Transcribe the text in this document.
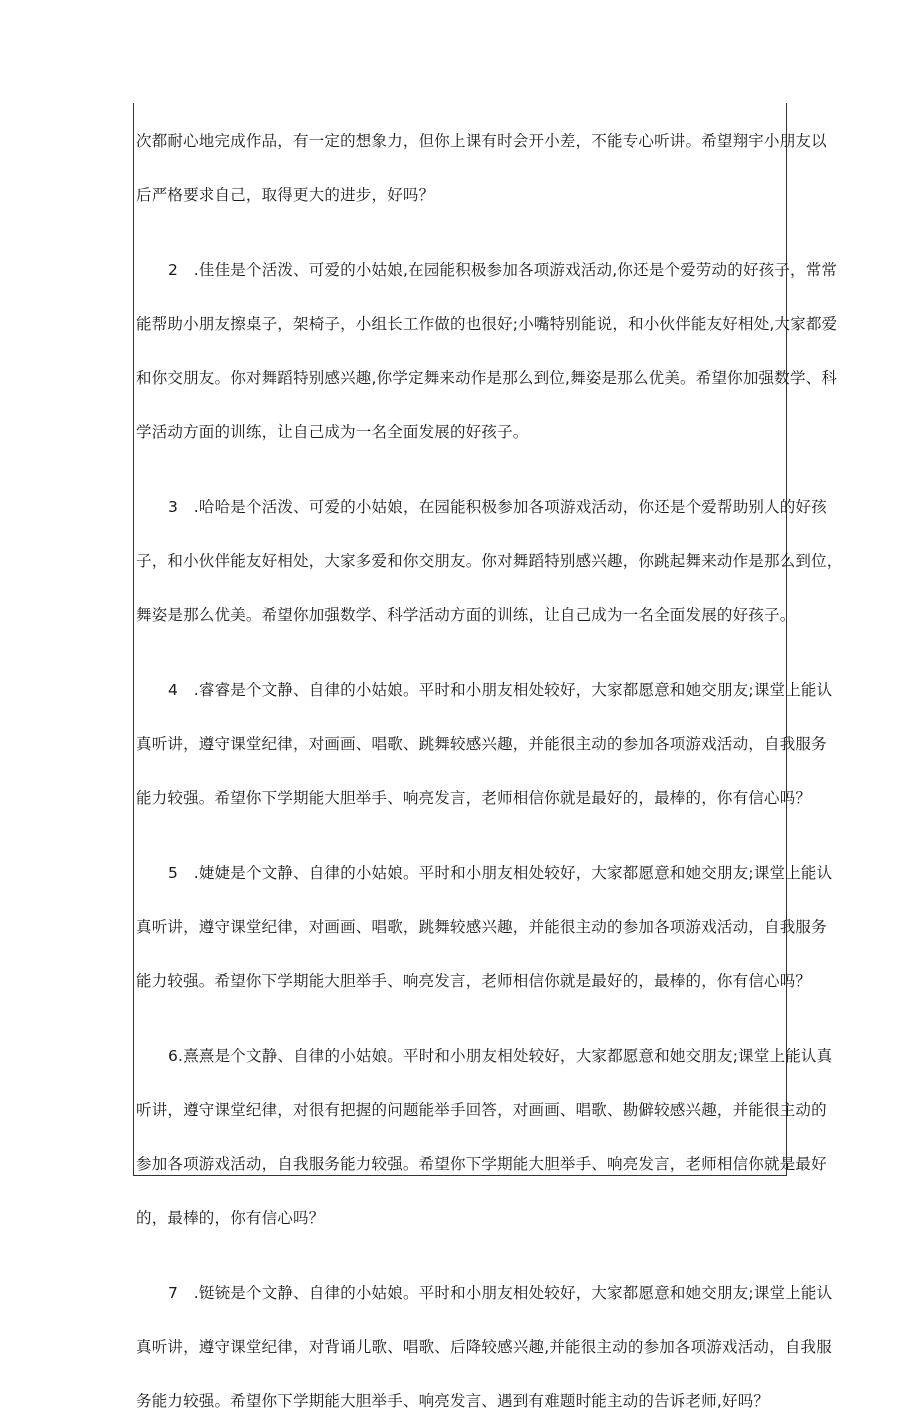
次都耐心地完成作品，有一定的想象力，但你上课有时会开小差，不能专心听讲。希望翔宇小朋友以
后严格要求自己，取得更大的进步，好吗？
2　.佳佳是个活泼、可爱的小姑娘,在园能积极参加各项游戏活动,你还是个爱劳动的好孩子，常常
能帮助小朋友擦桌子，架椅子，小组长工作做的也很好;小嘴特别能说，和小伙伴能友好相处,大家都爱
和你交朋友。你对舞蹈特别感兴趣,你学定舞来动作是那么到位,舞姿是那么优美。希望你加强数学、科
学活动方面的训练，让自己成为一名全面发展的好孩子。
3　.哈哈是个活泼、可爱的小姑娘，在园能积极参加各项游戏活动，你还是个爱帮助别人的好孩
子，和小伙伴能友好相处，大家多爱和你交朋友。你对舞蹈特别感兴趣，你跳起舞来动作是那么到位，
舞姿是那么优美。希望你加强数学、科学活动方面的训练，让自己成为一名全面发展的好孩子。
4　.睿睿是个文静、自律的小姑娘。平时和小朋友相处较好，大家都愿意和她交朋友;课堂上能认
真听讲，遵守课堂纪律，对画画、唱歌、跳舞较感兴趣，并能很主动的参加各项游戏活动，自我服务
能力较强。希望你下学期能大胆举手、响亮发言，老师相信你就是最好的，最棒的，你有信心吗？
5　.婕婕是个文静、自律的小姑娘。平时和小朋友相处较好，大家都愿意和她交朋友;课堂上能认
真听讲，遵守课堂纪律，对画画、唱歌，跳舞较感兴趣，并能很主动的参加各项游戏活动，自我服务
能力较强。希望你下学期能大胆举手、响亮发言，老师相信你就是最好的，最棒的，你有信心吗？
6.熹熹是个文静、自律的小姑娘。平时和小朋友相处较好，大家都愿意和她交朋友;课堂上能认真
听讲，遵守课堂纪律，对很有把握的问题能举手回答，对画画、唱歌、勘僻较感兴趣，并能很主动的
参加各项游戏活动，自我服务能力较强。希望你下学期能大胆举手、响亮发言，老师相信你就是最好
的，最棒的，你有信心吗？
7　.铤铳是个文静、自律的小姑娘。平时和小朋友相处较好，大家都愿意和她交朋友;课堂上能认
真听讲，遵守课堂纪律，对背诵儿歌、唱歌、后降较感兴趣,并能很主动的参加各项游戏活动，自我服
务能力较强。希望你下学期能大胆举手、响亮发言、遇到有难题时能主动的告诉老师,好吗？
